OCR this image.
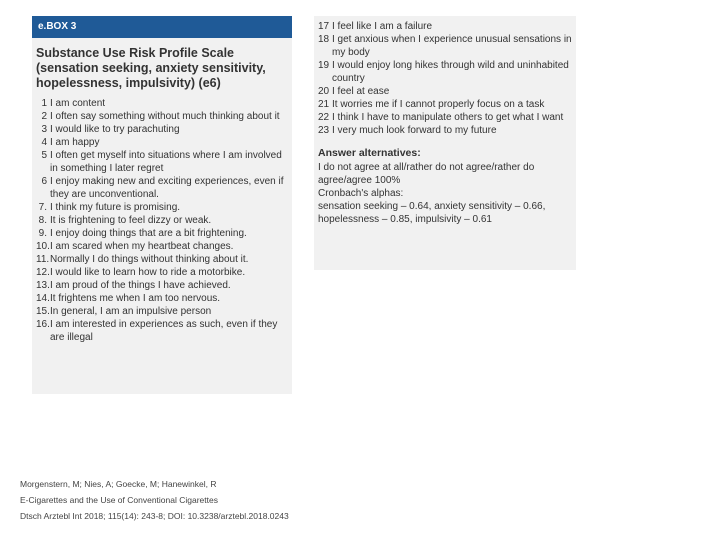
e.BOX 3
Substance Use Risk Profile Scale (sensation seeking, anxiety sensitivity, hopelessness, impulsivity) (e6)
1 I am content
2 I often say something without much thinking about it
3 I would like to try parachuting
4 I am happy
5 I often get myself into situations where I am involved in something I later regret
6 I enjoy making new and exciting experiences, even if they are unconventional.
7. I think my future is promising.
8. It is frightening to feel dizzy or weak.
9. I enjoy doing things that are a bit frightening.
10. I am scared when my heartbeat changes.
11. Normally I do things without thinking about it.
12. I would like to learn how to ride a motorbike.
13. I am proud of the things I have achieved.
14. It frightens me when I am too nervous.
15. In general, I am an impulsive person
16. I am interested in experiences as such, even if they are illegal
17 I feel like I am a failure
18 I get anxious when I experience unusual sensations in my body
19 I would enjoy long hikes through wild and uninhabited country
20 I feel at ease
21 It worries me if I cannot properly focus on a task
22 I think I have to manipulate others to get what I want
23 I very much look forward to my future
Answer alternatives:
I do not agree at all/rather do not agree/rather do agree/agree 100%
Cronbach's alphas:
sensation seeking – 0.64, anxiety sensitivity – 0.66, hopelessness – 0.85, impulsivity – 0.61
Morgenstern, M; Nies, A; Goecke, M; Hanewinkel, R
E-Cigarettes and the Use of Conventional Cigarettes
Dtsch Arztebl Int 2018; 115(14): 243-8; DOI: 10.3238/arztebl.2018.0243
